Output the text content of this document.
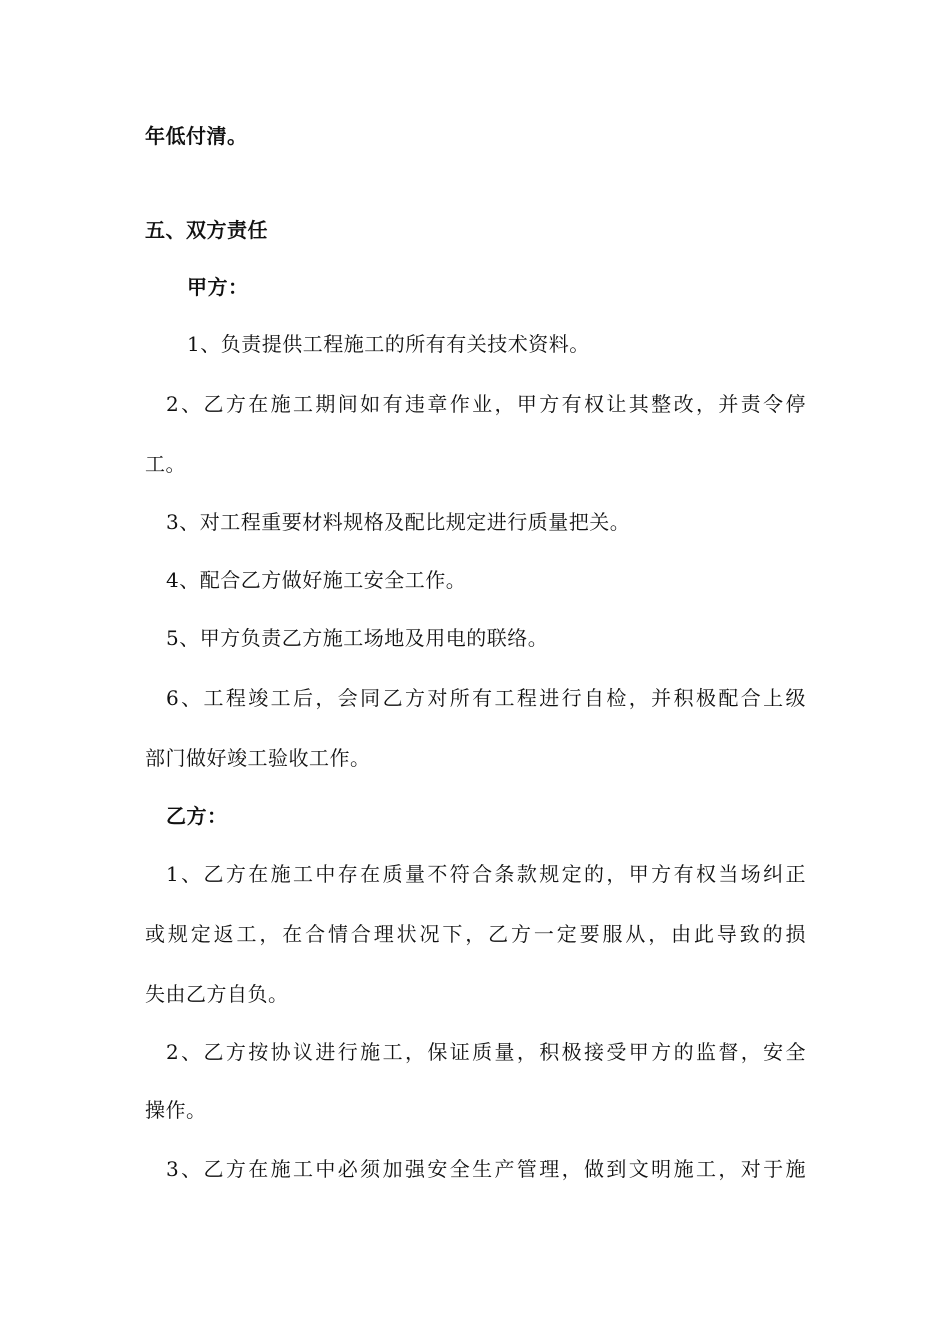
年低付清。
五、双方责任
甲方：
1、负责提供工程施工的所有有关技术资料。
2、乙方在施工期间如有违章作业，甲方有权让其整改，并责令停
工。
3、对工程重要材料规格及配比规定进行质量把关。
4、配合乙方做好施工安全工作。
5、甲方负责乙方施工场地及用电的联络。
6、工程竣工后，会同乙方对所有工程进行自检，并积极配合上级
部门做好竣工验收工作。
乙方：
1、乙方在施工中存在质量不符合条款规定的，甲方有权当场纠正
或规定返工，在合情合理状况下，乙方一定要服从，由此导致的损
失由乙方自负。
2、乙方按协议进行施工，保证质量，积极接受甲方的监督，安全
操作。
3、乙方在施工中必须加强安全生产管理，做到文明施工，对于施
